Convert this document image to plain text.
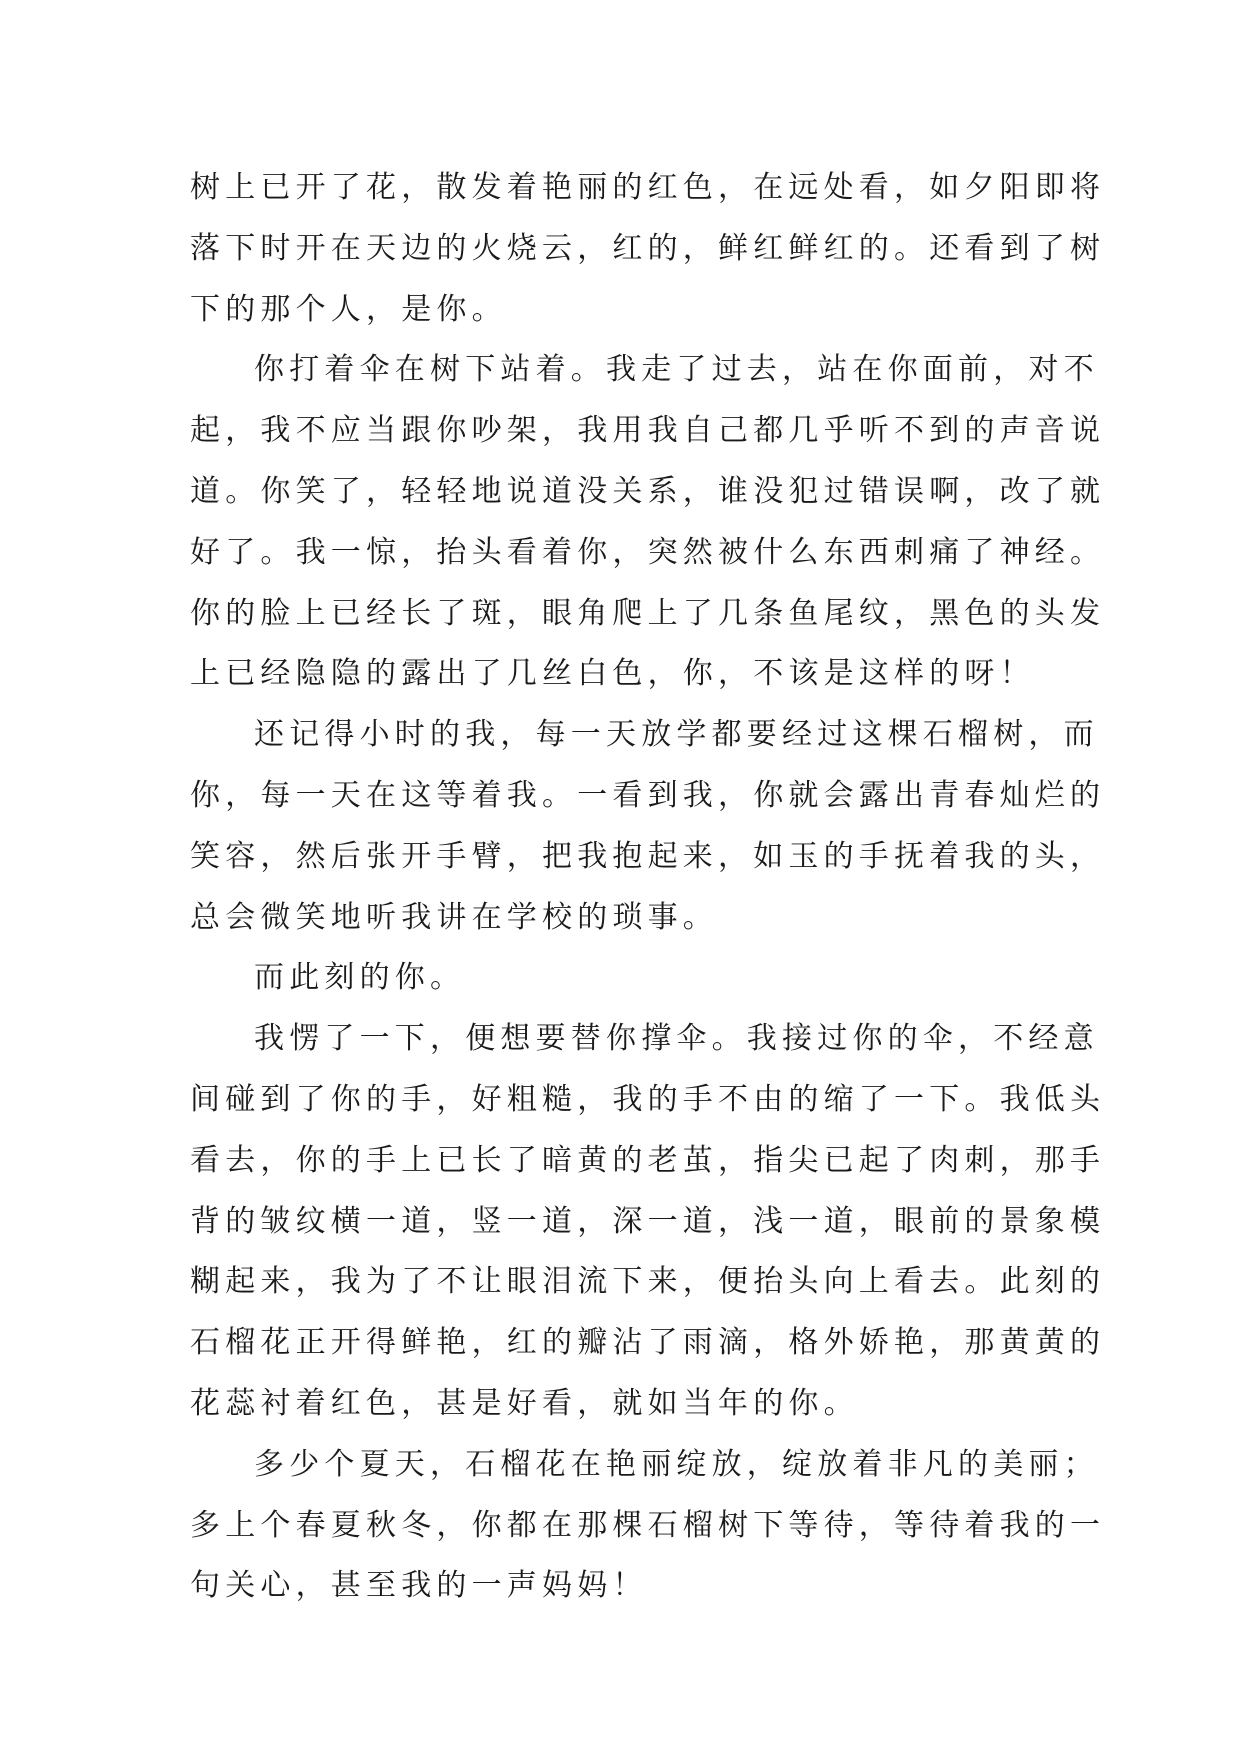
树上已开了花，散发着艳丽的红色，在远处看，如夕阳即将
落下时开在天边的火烧云，红的，鲜红鲜红的。还看到了树
下的那个人，是你。
你打着伞在树下站着。我走了过去，站在你面前，对不
起，我不应当跟你吵架，我用我自己都几乎听不到的声音说
道。你笑了，轻轻地说道没关系，谁没犯过错误啊，改了就
好了。我一惊，抬头看着你，突然被什么东西刺痛了神经。
你的脸上已经长了斑，眼角爬上了几条鱼尾纹，黑色的头发
上已经隐隐的露出了几丝白色，你，不该是这样的呀！
还记得小时的我，每一天放学都要经过这棵石榴树，而
你，每一天在这等着我。一看到我，你就会露出青春灿烂的
笑容，然后张开手臂，把我抱起来，如玉的手抚着我的头，
总会微笑地听我讲在学校的琐事。
而此刻的你。
我愣了一下，便想要替你撑伞。我接过你的伞，不经意
间碰到了你的手，好粗糙，我的手不由的缩了一下。我低头
看去，你的手上已长了暗黄的老茧，指尖已起了肉刺，那手
背的皱纹横一道，竖一道，深一道，浅一道，眼前的景象模
糊起来，我为了不让眼泪流下来，便抬头向上看去。此刻的
石榴花正开得鲜艳，红的瓣沾了雨滴，格外娇艳，那黄黄的
花蕊衬着红色，甚是好看，就如当年的你。
多少个夏天，石榴花在艳丽绽放，绽放着非凡的美丽；
多上个春夏秋冬，你都在那棵石榴树下等待，等待着我的一
句关心，甚至我的一声妈妈！
